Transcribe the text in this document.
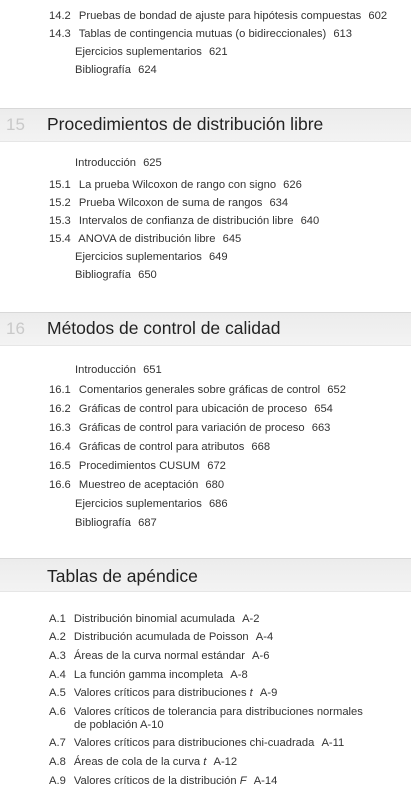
14.2 Pruebas de bondad de ajuste para hipótesis compuestas 602
14.3 Tablas de contingencia mutuas (o bidireccionales) 613
Ejercicios suplementarios 621
Bibliografía 624
15 Procedimientos de distribución libre
Introducción 625
15.1 La prueba Wilcoxon de rango con signo 626
15.2 Prueba Wilcoxon de suma de rangos 634
15.3 Intervalos de confianza de distribución libre 640
15.4 ANOVA de distribución libre 645
Ejercicios suplementarios 649
Bibliografía 650
16 Métodos de control de calidad
Introducción 651
16.1 Comentarios generales sobre gráficas de control 652
16.2 Gráficas de control para ubicación de proceso 654
16.3 Gráficas de control para variación de proceso 663
16.4 Gráficas de control para atributos 668
16.5 Procedimientos CUSUM 672
16.6 Muestreo de aceptación 680
Ejercicios suplementarios 686
Bibliografía 687
Tablas de apéndice
A.1 Distribución binomial acumulada A-2
A.2 Distribución acumulada de Poisson A-4
A.3 Áreas de la curva normal estándar A-6
A.4 La función gamma incompleta A-8
A.5 Valores críticos para distribuciones t A-9
A.6 Valores críticos de tolerancia para distribuciones normales
de población A-10
A.7 Valores críticos para distribuciones chi-cuadrada A-11
A.8 Áreas de cola de la curva t A-12
A.9 Valores críticos de la distribución F A-14
